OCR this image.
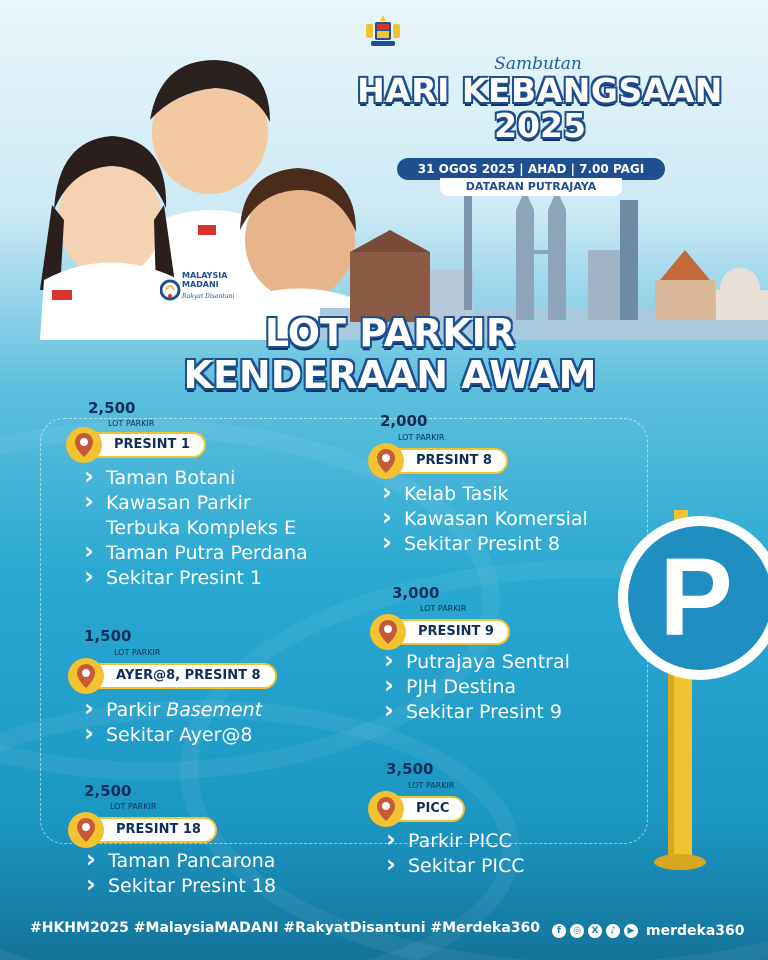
MALAYSIA
MADANI
Rakyat Disantuni
Sambutan
HARI KEBANGSAAN
2025
31 OGOS 2025 | AHAD | 7.00 PAGI
DATARAN PUTRAJAYA
LOT PARKIR
KENDERAAN AWAM
2,500
LOT PARKIR
PRESINT 1
› Taman Botani
› Kawasan Parkir
Terbuka Kompleks E
› Taman Putra Perdana
› Sekitar Presint 1
1,500
LOT PARKIR
AYER@8, PRESINT 8
› Parkir Basement
› Sekitar Ayer@8
2,500
LOT PARKIR
PRESINT 18
› Taman Pancarona
› Sekitar Presint 18
2,000
LOT PARKIR
PRESINT 8
› Kelab Tasik
› Kawasan Komersial
› Sekitar Presint 8
3,000
LOT PARKIR
PRESINT 9
› Putrajaya Sentral
› PJH Destina
› Sekitar Presint 9
3,500
LOT PARKIR
PICC
› Parkir PICC
› Sekitar PICC
P
#HKHM2025 #MalaysiaMADANI #RakyatDisantuni #Merdeka360	f	◎	X	♪	▶ merdeka360
